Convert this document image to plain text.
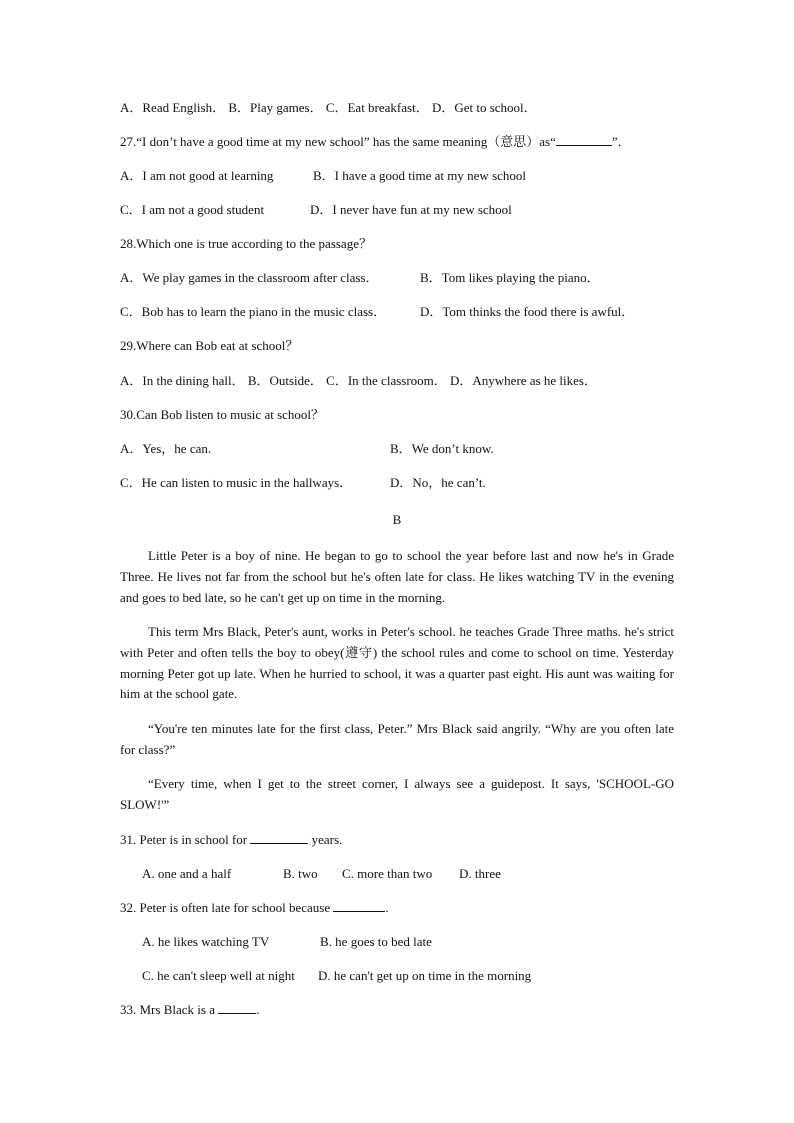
A．Read English． B．Play games． C．Eat breakfast． D．Get to school．
27.“I don’t have a good time at my new school” has the same meaning（意思）as“	”．
A．I am not good at learning	B．I have a good time at my new school
C．I am not a good student	D．I never have fun at my new school
28.Which one is true according to the passage？
A．We play games in the classroom after class．	B．Tom likes playing the piano．
C．Bob has to learn the piano in the music class．	D．Tom thinks the food there is awful．
29.Where can Bob eat at school？
A．In the dining hall． B．Outside． C．In the classroom． D．Anywhere as he likes．
30.Can Bob listen to music at school？
A．Yes，he can.	B．We don’t know.
C．He can listen to music in the hallways．	D．No，he can’t.
B
Little Peter is a boy of nine. He began to go to school the year before last and now he's in Grade Three. He lives not far from the school but he's often late for class. He likes watching TV in the evening and goes to bed late, so he can't get up on time in the morning.
This term Mrs Black, Peter's aunt, works in Peter's school. he teaches Grade Three maths. he's strict with Peter and often tells the boy to obey(遵守) the school rules and come to school on time. Yesterday morning Peter got up late. When he hurried to school, it was a quarter past eight. His aunt was waiting for him at the school gate.
“You're ten minutes late for the first class, Peter.” Mrs Black said angrily. “Why are you often late for class?”
“Every time, when I get to the street corner, I always see a guidepost. It says, 'SCHOOL-GO SLOW!'”
31. Peter is in school for	years.
A. one and a half	B. two C. more than two D. three
32. Peter is often late for school because	.
A. he likes watching TV	B. he goes to bed late
C. he can't sleep well at night D. he can't get up on time in the morning
33. Mrs Black is a	.
